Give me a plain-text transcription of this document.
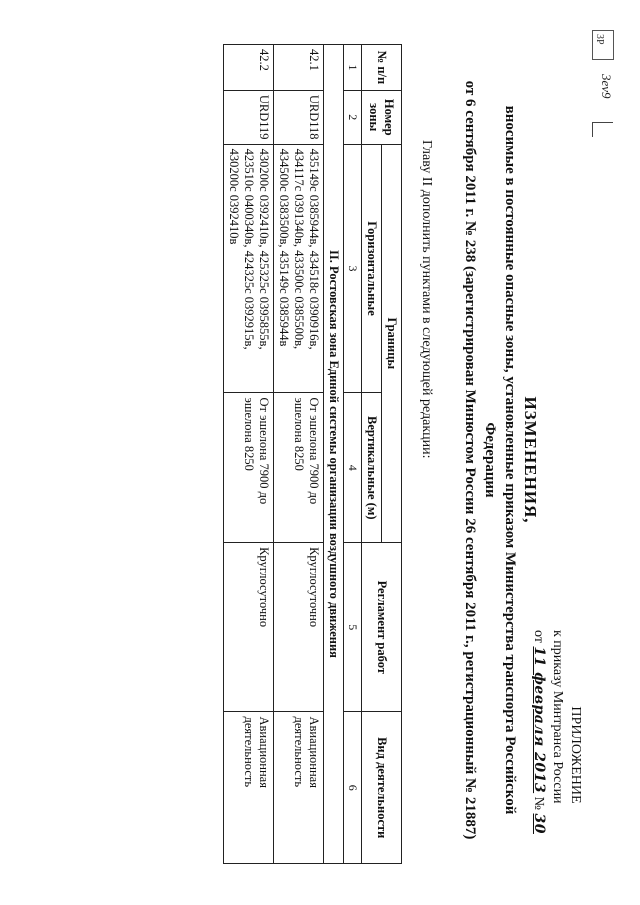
ПРИЛОЖЕНИЕ
к приказу Минтранса России
от 11 февраля 2013 № 30
ИЗМЕНЕНИЯ,
вносимые в постоянные опасные зоны, установленные приказом Министерства транспорта Российской Федерации
от 6 сентября 2011 г. № 238 (зарегистрирован Минюстом России 26 сентября 2011 г., регистрационный № 21887)
Главу II дополнить пунктами в следующей редакции:
№ п/п	Номер зоны	Границы		Регламент работ	Вид деятельности
		Горизонтальные	Вертикальные (м)		
1	2	3	4	5	6
II. Ростовская зона Единой системы организации воздушного движения					
42.1	URD118	435149с 0385944в, 434518с 0390916в, 434117с 0391340в, 433500с 0385500в, 434500с 0383500в, 435149с 0385944в	От эшелона 7900 до эшелона 8250	Круглосуточно	Авиационная деятельность
42.2	URD119	430200с 0392410в, 425325с 0395855в, 423510с 0400340в, 424325с 0392915в, 430200с 0392410в	От эшелона 7900 до эшелона 8250	Круглосуточно	Авиационная деятельность
ЗР
3ev9
